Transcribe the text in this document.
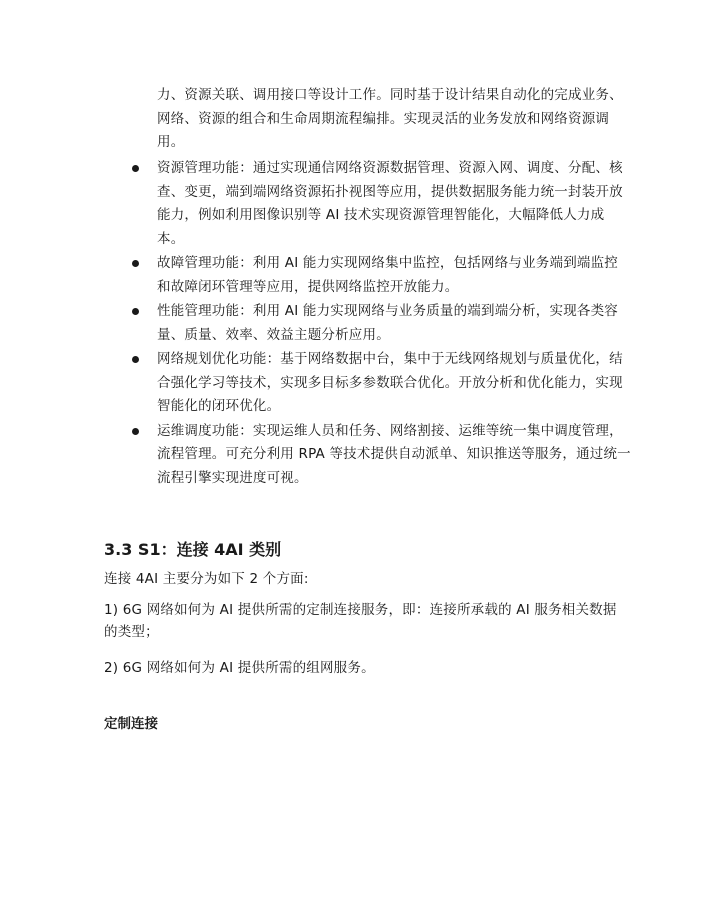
力、资源关联、调用接口等设计工作。同时基于设计结果自动化的完成业务、网络、资源的组合和生命周期流程编排。实现灵活的业务发放和网络资源调用。
资源管理功能：通过实现通信网络资源数据管理、资源入网、调度、分配、核查、变更，端到端网络资源拓扑视图等应用，提供数据服务能力统一封装开放能力，例如利用图像识别等 AI 技术实现资源管理智能化，大幅降低人力成本。
故障管理功能：利用 AI 能力实现网络集中监控，包括网络与业务端到端监控和故障闭环管理等应用，提供网络监控开放能力。
性能管理功能：利用 AI 能力实现网络与业务质量的端到端分析，实现各类容量、质量、效率、效益主题分析应用。
网络规划优化功能：基于网络数据中台，集中于无线网络规划与质量优化，结合强化学习等技术，实现多目标多参数联合优化。开放分析和优化能力，实现智能化的闭环优化。
运维调度功能：实现运维人员和任务、网络割接、运维等统一集中调度管理，流程管理。可充分利用 RPA 等技术提供自动派单、知识推送等服务，通过统一流程引擎实现进度可视。
3.3 S1：连接 4AI 类别

连接 4AI 主要分为如下 2 个方面:

1) 6G 网络如何为 AI 提供所需的定制连接服务，即：连接所承载的 AI 服务相关数据的类型；

2) 6G 网络如何为 AI 提供所需的组网服务。

定制连接
